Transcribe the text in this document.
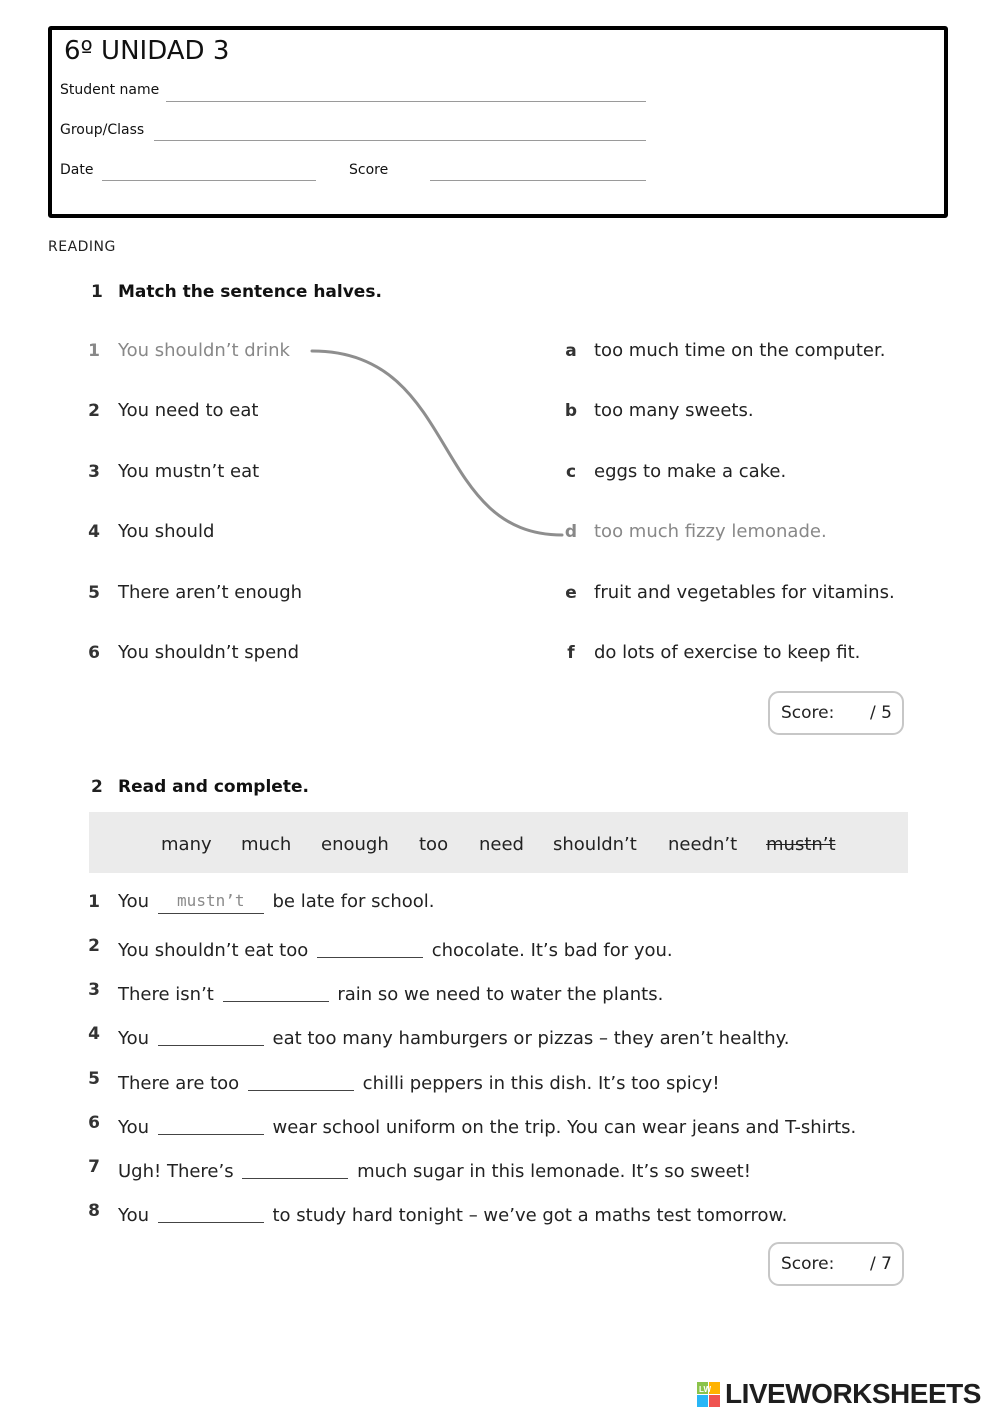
6º UNIDAD 3
Student name
Group/Class
Date	Score
READING
1 Match the sentence halves.
1 You shouldn’t drink
2 You need to eat
3 You mustn’t eat
4 You should
5 There aren’t enough
6 You shouldn’t spend
a too much time on the computer.
b too many sweets.
c eggs to make a cake.
d too much fizzy lemonade.
e fruit and vegetables for vitamins.
f	do lots of exercise to keep fit.
Score: / 5
2 Read and complete.
many much enough too need shouldn’t needn’t mustn’t
1 You mustn’t be late for school.
2 You shouldn’t eat too	chocolate. It’s bad for you.
3 There isn’t	rain so we need to water the plants.
4 You	eat too many hamburgers or pizzas – they aren’t healthy.
5 There are too	chilli peppers in this dish. It’s too spicy!
6 You	wear school uniform on the trip. You can wear jeans and T-shirts.
7 Ugh! There’s	much sugar in this lemonade. It’s so sweet!
8 You	to study hard tonight – we’ve got a maths test tomorrow.
Score: / 7
LW LIVEWORKSHEETS
